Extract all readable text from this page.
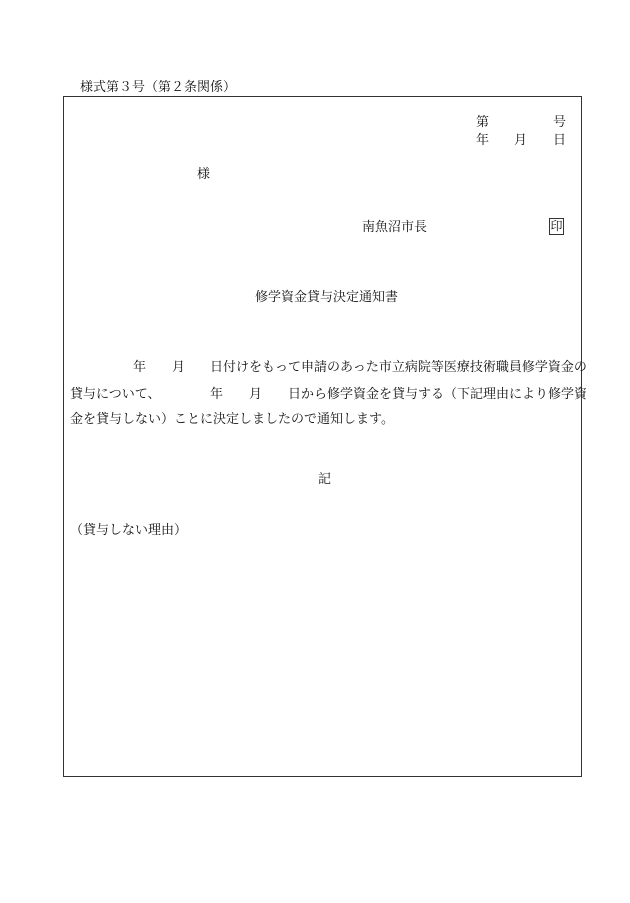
様式第３号（第２条関係）
第	号
年 月 日
様
南魚沼市長	印
修学資金貸与決定通知書
年 月 日付けをもって申請のあった市立病院等医療技術職員修学資金の
貸与について、	年 月 日から修学資金を貸与する（下記理由により修学資
金を貸与しない）ことに決定しましたので通知します。
記
（貸与しない理由）
